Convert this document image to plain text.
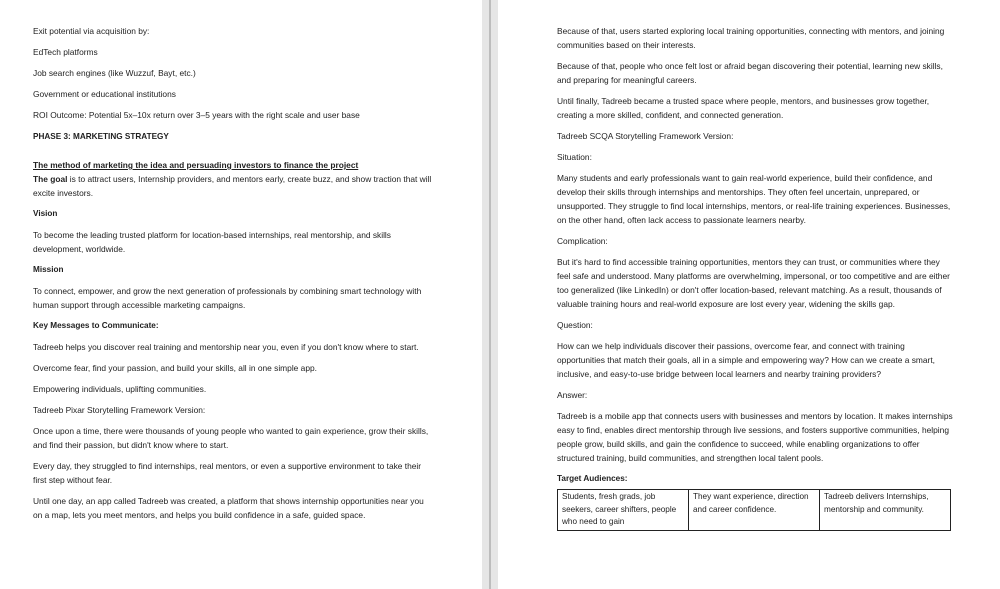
Exit potential via acquisition by:

EdTech platforms

Job search engines (like Wuzzuf, Bayt, etc.)

Government or educational institutions

ROI Outcome: Potential 5x–10x return over 3–5 years with the right scale and user base

PHASE 3: MARKETING STRATEGY

The method of marketing the idea and persuading investors to finance the project

The goal is to attract users, Internship providers, and mentors early, create buzz, and show traction that will excite investors.

Vision

To become the leading trusted platform for location-based internships, real mentorship, and skills development, worldwide.

Mission

To connect, empower, and grow the next generation of professionals by combining smart technology with human support through accessible marketing campaigns.

Key Messages to Communicate:

Tadreeb helps you discover real training and mentorship near you, even if you don't know where to start.

Overcome fear, find your passion, and build your skills, all in one simple app.

Empowering individuals, uplifting communities.

Tadreeb Pixar Storytelling Framework Version:

Once upon a time, there were thousands of young people who wanted to gain experience, grow their skills, and find their passion, but didn't know where to start.

Every day, they struggled to find internships, real mentors, or even a supportive environment to take their first step without fear.

Until one day, an app called Tadreeb was created, a platform that shows internship opportunities near you on a map, lets you meet mentors, and helps you build confidence in a safe, guided space.

Because of that, users started exploring local training opportunities, connecting with mentors, and joining communities based on their interests.

Because of that, people who once felt lost or afraid began discovering their potential, learning new skills, and preparing for meaningful careers.

Until finally, Tadreeb became a trusted space where people, mentors, and businesses grow together, creating a more skilled, confident, and connected generation.

Tadreeb SCQA Storytelling Framework Version:

Situation:

Many students and early professionals want to gain real-world experience, build their confidence, and develop their skills through internships and mentorships. They often feel uncertain, unprepared, or unsupported. They struggle to find local internships, mentors, or real-life training experiences. Businesses, on the other hand, often lack access to passionate learners nearby.

Complication:

But it's hard to find accessible training opportunities, mentors they can trust, or communities where they feel safe and understood. Many platforms are overwhelming, impersonal, or too competitive and are either too generalized (like LinkedIn) or don't offer location-based, relevant matching. As a result, thousands of valuable training hours and real-world exposure are lost every year, widening the skills gap.

Question:

How can we help individuals discover their passions, overcome fear, and connect with training opportunities that match their goals, all in a simple and empowering way? How can we create a smart, inclusive, and easy-to-use bridge between local learners and nearby training providers?

Answer:

Tadreeb is a mobile app that connects users with businesses and mentors by location. It makes internships easy to find, enables direct mentorship through live sessions, and fosters supportive communities, helping people grow, build skills, and gain the confidence to succeed, while enabling organizations to offer structured training, build communities, and strengthen local talent pools.

Target Audiences:

Students, fresh grads, job seekers, career shifters, people who need to gain	They want experience, direction and career confidence.	Tadreeb delivers Internships, mentorship and community.
